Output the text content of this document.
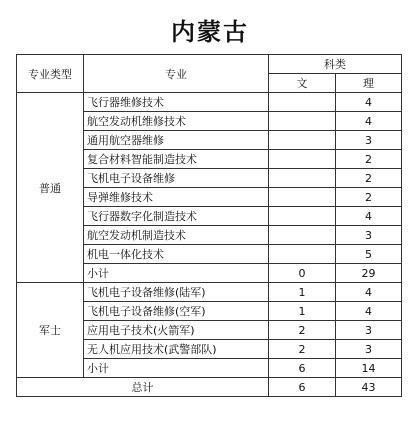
内蒙古
专业类型	专业	科类	
		文	理
普通	飞行器维修技术		4
	航空发动机维修技术		4
	通用航空器维修		3
	复合材料智能制造技术		2
	飞机电子设备维修		2
	导弹维修技术		2
	飞行器数字化制造技术		4
	航空发动机制造技术		3
	机电一体化技术		5
	小计	0	29
军士	飞机电子设备维修(陆军)	1	4
	飞机电子设备维修(空军)	1	4
	应用电子技术(火箭军)	2	3
	无人机应用技术(武警部队)	2	3
	小计	6	14
总计		6	43
